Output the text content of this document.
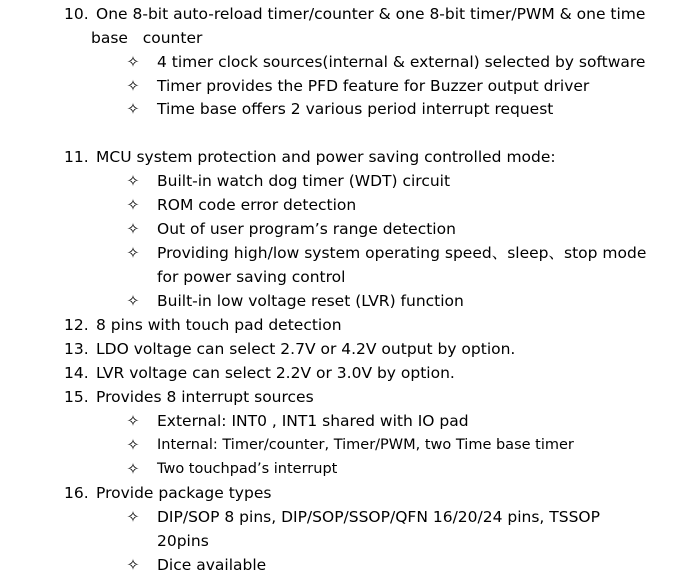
10. One 8-bit auto-reload timer/counter & one 8-bit timer/PWM & one time
base   counter
✧ 4 timer clock sources(internal & external) selected by software
✧ Timer provides the PFD feature for Buzzer output driver
✧ Time base offers 2 various period interrupt request
11. MCU system protection and power saving controlled mode:
✧ Built-in watch dog timer (WDT) circuit
✧ ROM code error detection
✧ Out of user program’s range detection
✧ Providing high/low system operating speed、sleep、stop mode
for power saving control
✧ Built-in low voltage reset (LVR) function
12. 8 pins with touch pad detection
13. LDO voltage can select 2.7V or 4.2V output by option.
14. LVR voltage can select 2.2V or 3.0V by option.
15. Provides 8 interrupt sources
✧ External: INT0 , INT1 shared with IO pad
✧ Internal: Timer/counter, Timer/PWM, two Time base timer
✧ Two touchpad’s interrupt
16. Provide package types
✧ DIP/SOP 8 pins, DIP/SOP/SSOP/QFN 16/20/24 pins, TSSOP
20pins
✧ Dice available
